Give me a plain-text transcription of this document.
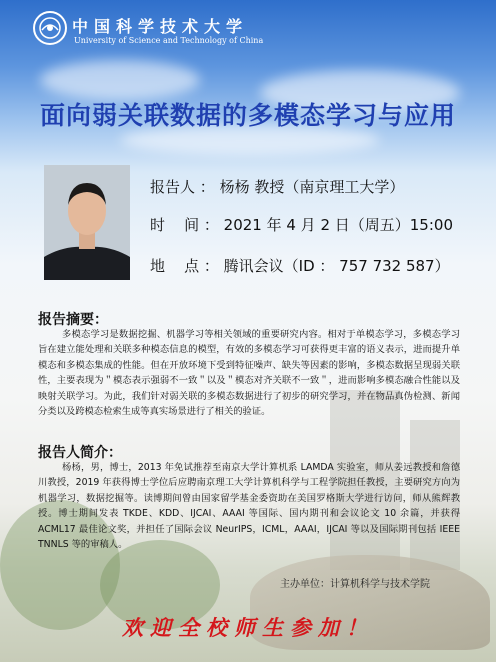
中国科学技术大学
University of Science and Technology of China
面向弱关联数据的多模态学习与应用
报告人 ： 杨杨 教授（南京理工大学）
时    间 ： 2021 年 4 月 2 日（周五）15:00
地    点 ： 腾讯会议（ID ： 757 732 587）
报告摘要：
多模态学习是数据挖掘、机器学习等相关领域的重要研究内容。相对于单模态学习，多模态学习旨在建立能处理和关联多种模态信息的模型，有效的多模态学习可获得更丰富的语义表示，进而提升单模态和多模态集成的性能。但在开放环境下受到特征噪声、缺失等因素的影响，多模态数据呈现弱关联性，主要表现为＂模态表示强弱不一致＂以及＂模态对齐关联不一致＂，进而影响多模态融合性能以及映射关联学习。为此，我们针对弱关联的多模态数据进行了初步的研究学习，并在物品真伪检测、新闻分类以及跨模态检索生成等真实场景进行了相关的验证。
报告人简介：
杨杨，男，博士，2013 年免试推荐至南京大学计算机系 LAMDA 实验室，师从姜远教授和詹德川教授，2019 年获得博士学位后应聘南京理工大学计算机科学与工程学院担任教授，主要研究方向为机器学习，数据挖掘等。读博期间曾由国家留学基金委资助在美国罗格斯大学进行访问，师从熊辉教授。博士期间发表 TKDE、KDD、IJCAI、AAAI 等国际、国内期刊和会议论文 10 余篇，并获得 ACML17 最佳论文奖，并担任了国际会议 NeurIPS，ICML，AAAI，IJCAI 等以及国际期刊包括 IEEE TNNLS 等的审稿人。
主办单位：计算机科学与技术学院
欢迎全校师生参加！
